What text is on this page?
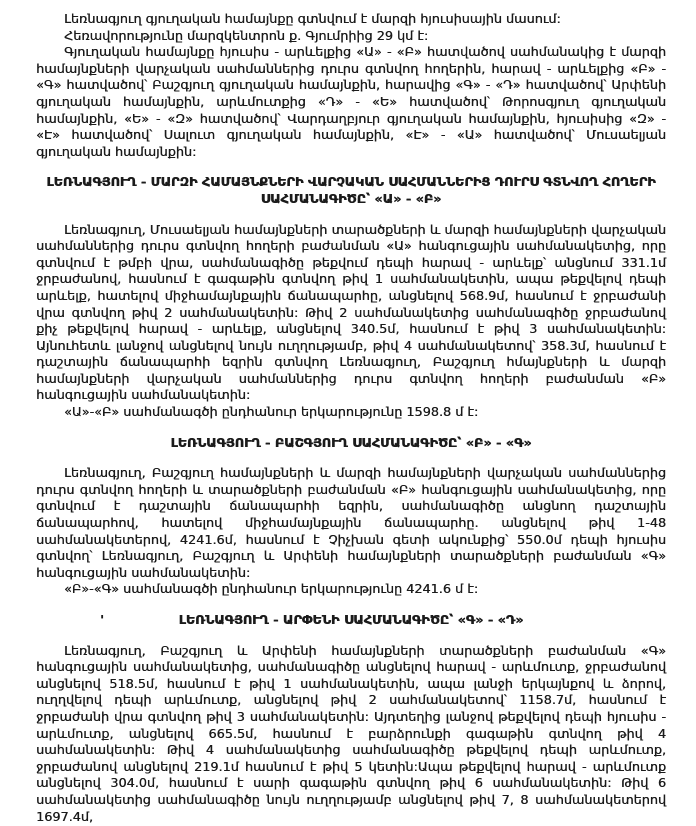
Լեռնագյուղ գյուղական համայնքը գտնվում է մարզի հյուսիսային մասում:

Հեռավորությունը մարզկենտրոն ք. Գյումրիից 29 կմ է:

Գյուղական համայնքը հյուսիս - արևելքից «Ա» - «Բ» հատվածով սահմանակից է մարզի համայնքների վարչական սահմաններից դուրս գտնվող հողերին, հարավ - արևելքից «Բ» - «Գ» հատվածով՝ Բաշգյուղ գյուղական համայնքին, հարավից «Գ» - «Դ» հատվածով՝ Արփենի գյուղական համայնքին, արևմուտքից «Դ» - «Ե» հատվածով՝ Թորոսգյուղ գյուղական համայնքին, «Ե» - «Զ» հատվածով՝ Վարդաղբյուր գյուղական համայնքին, հյուսիսից «Զ» - «Է» հատվածով՝ Սալուտ գյուղական համայնքին, «Է» - «Ա» հատվածով՝ Մուսաելյան գյուղական համայնքին:

ԼԵՌՆԱԳՅՈՒՂ - ՄԱՐԶԻ ՀԱՄԱՅՆՔՆԵՐԻ ՎԱՐՉԱԿԱՆ ՍԱՀՄԱՆՆԵՐԻՑ ԴՈՒՐՍ ԳՏՆՎՈՂ ՀՈՂԵՐԻ ՍԱՀՄԱՆԱԳԻԾԸ՝ «Ա» - «Բ»

Լեռնագյուղ, Մուսաելյան համայնքների տարածքների և մարզի համայնքների վարչական սահմաններից դուրս գտնվող հողերի բաժանման «Ա» հանգուցային սահմանակետից, որը գտնվում է թմբի վրա, սահմանագիծը թեքվում դեպի հարավ - արևելք՝ անցնում 331.1մ ջրբաժանով, հասնում է գագաթին գտնվող թիվ 1 սահմանակետին, ապա թեքվելով դեպի արևելք, հատելով միջհամայնքային ճանապարհը, անցնելով 568.9մ, հասնում է ջրբաժանի վրա գտնվող թիվ 2 սահմանակետին: Թիվ 2 սահմանակետից սահմանագիծը ջրբաժանով քիչ թեքվելով հարավ - արևելք, անցնելով 340.5մ, հասնում է թիվ 3 սահմանակետին: Այնուհետև լանջով անցնելով նույն ուղղությամբ, թիվ 4 սահմանակետով՝ 358.3մ, հասնում է դաշտային ճանապարհի եզրին գտնվող Լեռնագյուղ, Բաշգյուղ հմայնքների և մարզի համայնքների վարչական սահմաններից դուրս գտնվող հողերի բաժանման «Բ» հանգուցային սահմանակետին:

«Ա»-«Բ» սահմանագծի ընդհանուր երկարությունը 1598.8 մ է:

ԼԵՌՆԱԳՅՈՒՂ - ԲԱՇԳՅՈՒՂ ՍԱՀՄԱՆԱԳԻԾԸ՝ «Բ» - «Գ»

Լեռնագյուղ, Բաշգյուղ համայնքների և մարզի համայնքների վարչական սահմաններից դուրս գտնվող հողերի և տարածքների բաժանման «Բ» հանգուցային սահմանակետից, որը գտնվում է դաշտային ճանապարհի եզրին, սահմանագիծը անցնող դաշտային ճանապարհով, հատելով միջհամայնքային ճանապարհը. անցնելով թիվ 1-48 սահմանակետերով, 4241.6մ, հասնում է Չիչխան գետի ակունքից՝ 550.0մ դեպի հյուսիս գտնվող՝ Լեռնագյուղ, Բաշգյուղ և Արփենի համայնքների տարածքների բաժանման «Գ» հանգուցային սահմանակետին:

«Բ»-«Գ» սահմանագծի ընդհանուր երկարությունը 4241.6 մ է:

'	ԼԵՌՆԱԳՅՈՒՂ - ԱՐՓԵՆԻ ՍԱՀՄԱՆԱԳԻԾԸ՝ «Գ» - «Դ»

Լեռնագյուղ, Բաշգյուղ և Արփենի համայնքների տարածքների բաժանման «Գ» հանգուցային սահմանակետից, սահմանագիծը անցնելով հարավ - արևմուտք, ջրբաժանով անցնելով 518.5մ, հասնում է թիվ 1 սահմանակետին, ապա լանջի երկայնքով և ձորով, ուղղվելով դեպի արևմուտք, անցնելով թիվ 2 սահմանակետով՝ 1158.7մ, հասնում է ջրբաժանի վրա գտնվող թիվ 3 սահմանակետին: Այդտեղից լանջով թեքվելով դեպի հյուսիս - արևմուտք, անցնելով 665.5մ, հասնում է բարձրունքի գագաթին գտնվող թիվ 4 սահմանակետին: Թիվ 4 սահմանակետից սահմանագիծը թեքվելով դեպի արևմուտք, ջրբաժանով անցնելով 219.1մ հասնում է թիվ 5 կետին:Ապա թեքվելով հարավ - արևմուտք անցնելով 304.0մ, հասնում է սարի գագաթին գտնվող թիվ 6 սահմանակետին: Թիվ 6 սահմանակետից սահմանագիծը նույն ուղղությամբ անցնելով թիվ 7, 8 սահմանակետերով 1697.4մ,
